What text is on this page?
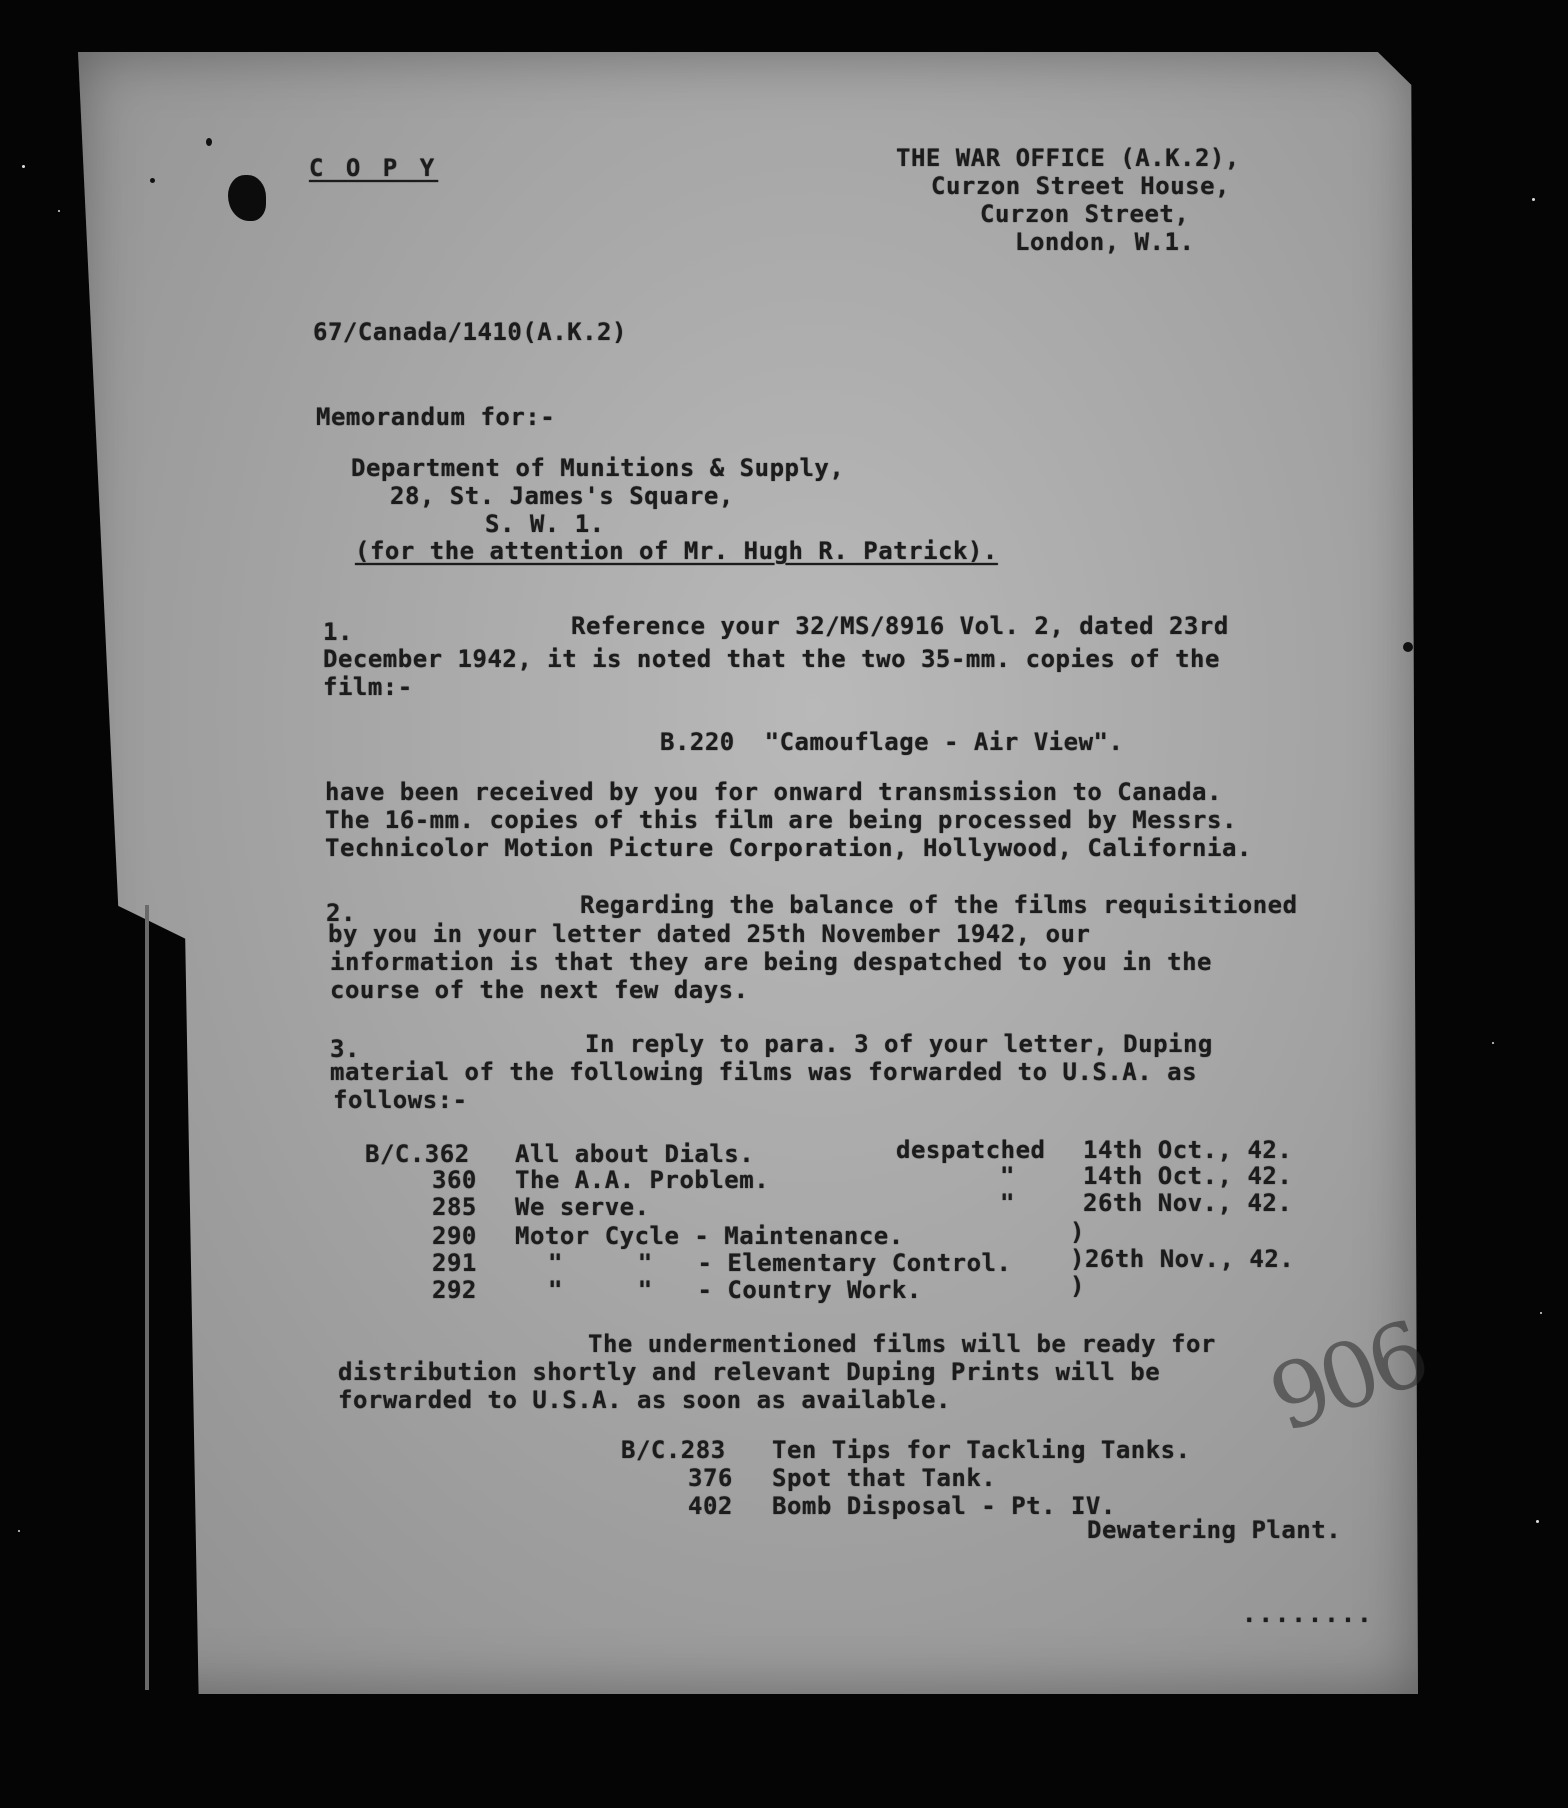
C O P Y	THE WAR OFFICE (A.K.2),
Curzon Street House,
Curzon Street,
London, W.1.
67/Canada/1410(A.K.2)
Memorandum for:-
Department of Munitions & Supply,
28, St. James's Square,
S. W. 1.
(for the attention of Mr. Hugh R. Patrick).
1.	Reference your 32/MS/8916 Vol. 2, dated 23rd
December 1942, it is noted that the two 35-mm. copies of the
film:-
B.220  "Camouflage - Air View".
have been received by you for onward transmission to Canada.
The 16-mm. copies of this film are being processed by Messrs.
Technicolor Motion Picture Corporation, Hollywood, California.
2.	Regarding the balance of the films requisitioned
by you in your letter dated 25th November 1942, our
information is that they are being despatched to you in the
course of the next few days.
3.	In reply to para. 3 of your letter, Duping
material of the following films was forwarded to U.S.A. as
follows:-
B/C.362 All about Dials.	despatched 14th Oct., 42.
360 The A.A. Problem.	"	14th Oct., 42.
285 We serve.	"	26th Nov., 42.
290 Motor Cycle - Maintenance.	)
291	"     "   - Elementary Control. )26th Nov., 42.
292	"     "   - Country Work.	)
The undermentioned films will be ready for
distribution shortly and relevant Duping Prints will be
forwarded to U.S.A. as soon as available.
B/C.283 Ten Tips for Tackling Tanks.
376 Spot that Tank.
402 Bomb Disposal - Pt. IV.
Dewatering Plant.
........
906
